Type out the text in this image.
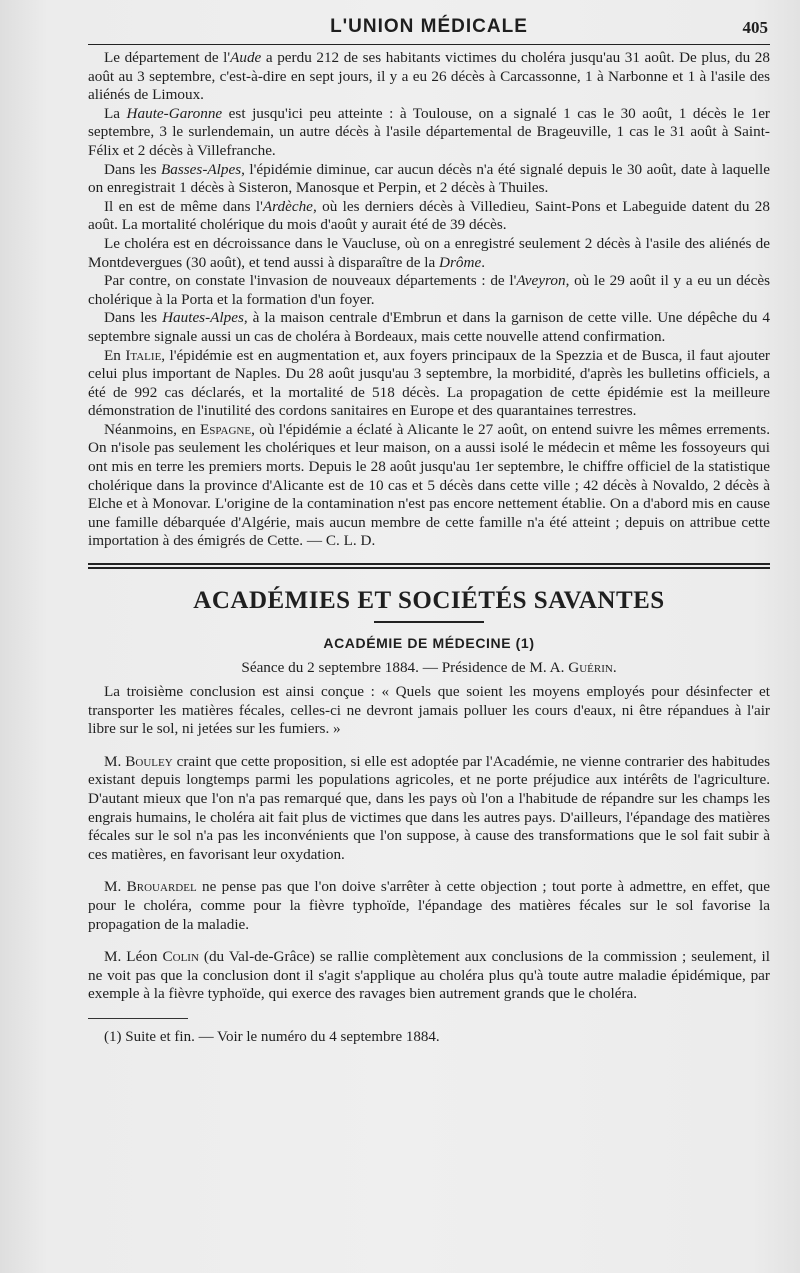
L'UNION MÉDICALE	405

Le département de l'Aude a perdu 212 de ses habitants victimes du choléra jusqu'au 31 août. De plus, du 28 août au 3 septembre, c'est-à-dire en sept jours, il y a eu 26 décès à Carcassonne, 1 à Narbonne et 1 à l'asile des aliénés de Limoux.

La Haute-Garonne est jusqu'ici peu atteinte : à Toulouse, on a signalé 1 cas le 30 août, 1 décès le 1er septembre, 3 le surlendemain, un autre décès à l'asile départemental de Brageuville, 1 cas le 31 août à Saint-Félix et 2 décès à Villefranche.

Dans les Basses-Alpes, l'épidémie diminue, car aucun décès n'a été signalé depuis le 30 août, date à laquelle on enregistrait 1 décès à Sisteron, Manosque et Perpin, et 2 décès à Thuiles.

Il en est de même dans l'Ardèche, où les derniers décès à Villedieu, Saint-Pons et Labeguide datent du 28 août. La mortalité cholérique du mois d'août y aurait été de 39 décès.

Le choléra est en décroissance dans le Vaucluse, où on a enregistré seulement 2 décès à l'asile des aliénés de Montdevergues (30 août), et tend aussi à disparaître de la Drôme.

Par contre, on constate l'invasion de nouveaux départements : de l'Aveyron, où le 29 août il y a eu un décès cholérique à la Porta et la formation d'un foyer.

Dans les Hautes-Alpes, à la maison centrale d'Embrun et dans la garnison de cette ville. Une dépêche du 4 septembre signale aussi un cas de choléra à Bordeaux, mais cette nouvelle attend confirmation.

En Italie, l'épidémie est en augmentation et, aux foyers principaux de la Spezzia et de Busca, il faut ajouter celui plus important de Naples. Du 28 août jusqu'au 3 septembre, la morbidité, d'après les bulletins officiels, a été de 992 cas déclarés, et la mortalité de 518 décès. La propagation de cette épidémie est la meilleure démonstration de l'inutilité des cordons sanitaires en Europe et des quarantaines terrestres.

Néanmoins, en Espagne, où l'épidémie a éclaté à Alicante le 27 août, on entend suivre les mêmes errements. On n'isole pas seulement les cholériques et leur maison, on a aussi isolé le médecin et même les fossoyeurs qui ont mis en terre les premiers morts. Depuis le 28 août jusqu'au 1er septembre, le chiffre officiel de la statistique cholérique dans la province d'Alicante est de 10 cas et 5 décès dans cette ville ; 42 décès à Novaldo, 2 décès à Elche et à Monovar. L'origine de la contamination n'est pas encore nettement établie. On a d'abord mis en cause une famille débarquée d'Algérie, mais aucun membre de cette famille n'a été atteint ; depuis on attribue cette importation à des émigrés de Cette. — C. L. D.

ACADÉMIES ET SOCIÉTÉS SAVANTES
ACADÉMIE DE MÉDECINE (1)
Séance du 2 septembre 1884. — Présidence de M. A. Guérin.

La troisième conclusion est ainsi conçue : « Quels que soient les moyens employés pour désinfecter et transporter les matières fécales, celles-ci ne devront jamais polluer les cours d'eaux, ni être répandues à l'air libre sur le sol, ni jetées sur les fumiers. »

M. Bouley craint que cette proposition, si elle est adoptée par l'Académie, ne vienne contrarier des habitudes existant depuis longtemps parmi les populations agricoles, et ne porte préjudice aux intérêts de l'agriculture. D'autant mieux que l'on n'a pas remarqué que, dans les pays où l'on a l'habitude de répandre sur les champs les engrais humains, le choléra ait fait plus de victimes que dans les autres pays. D'ailleurs, l'épandage des matières fécales sur le sol n'a pas les inconvénients que l'on suppose, à cause des transformations que le sol fait subir à ces matières, en favorisant leur oxydation.

M. Brouardel ne pense pas que l'on doive s'arrêter à cette objection ; tout porte à admettre, en effet, que pour le choléra, comme pour la fièvre typhoïde, l'épandage des matières fécales sur le sol favorise la propagation de la maladie.

M. Léon Colin (du Val-de-Grâce) se rallie complètement aux conclusions de la commission ; seulement, il ne voit pas que la conclusion dont il s'agit s'applique au choléra plus qu'à toute autre maladie épidémique, par exemple à la fièvre typhoïde, qui exerce des ravages bien autrement grands que le choléra.

(1) Suite et fin. — Voir le numéro du 4 septembre 1884.
